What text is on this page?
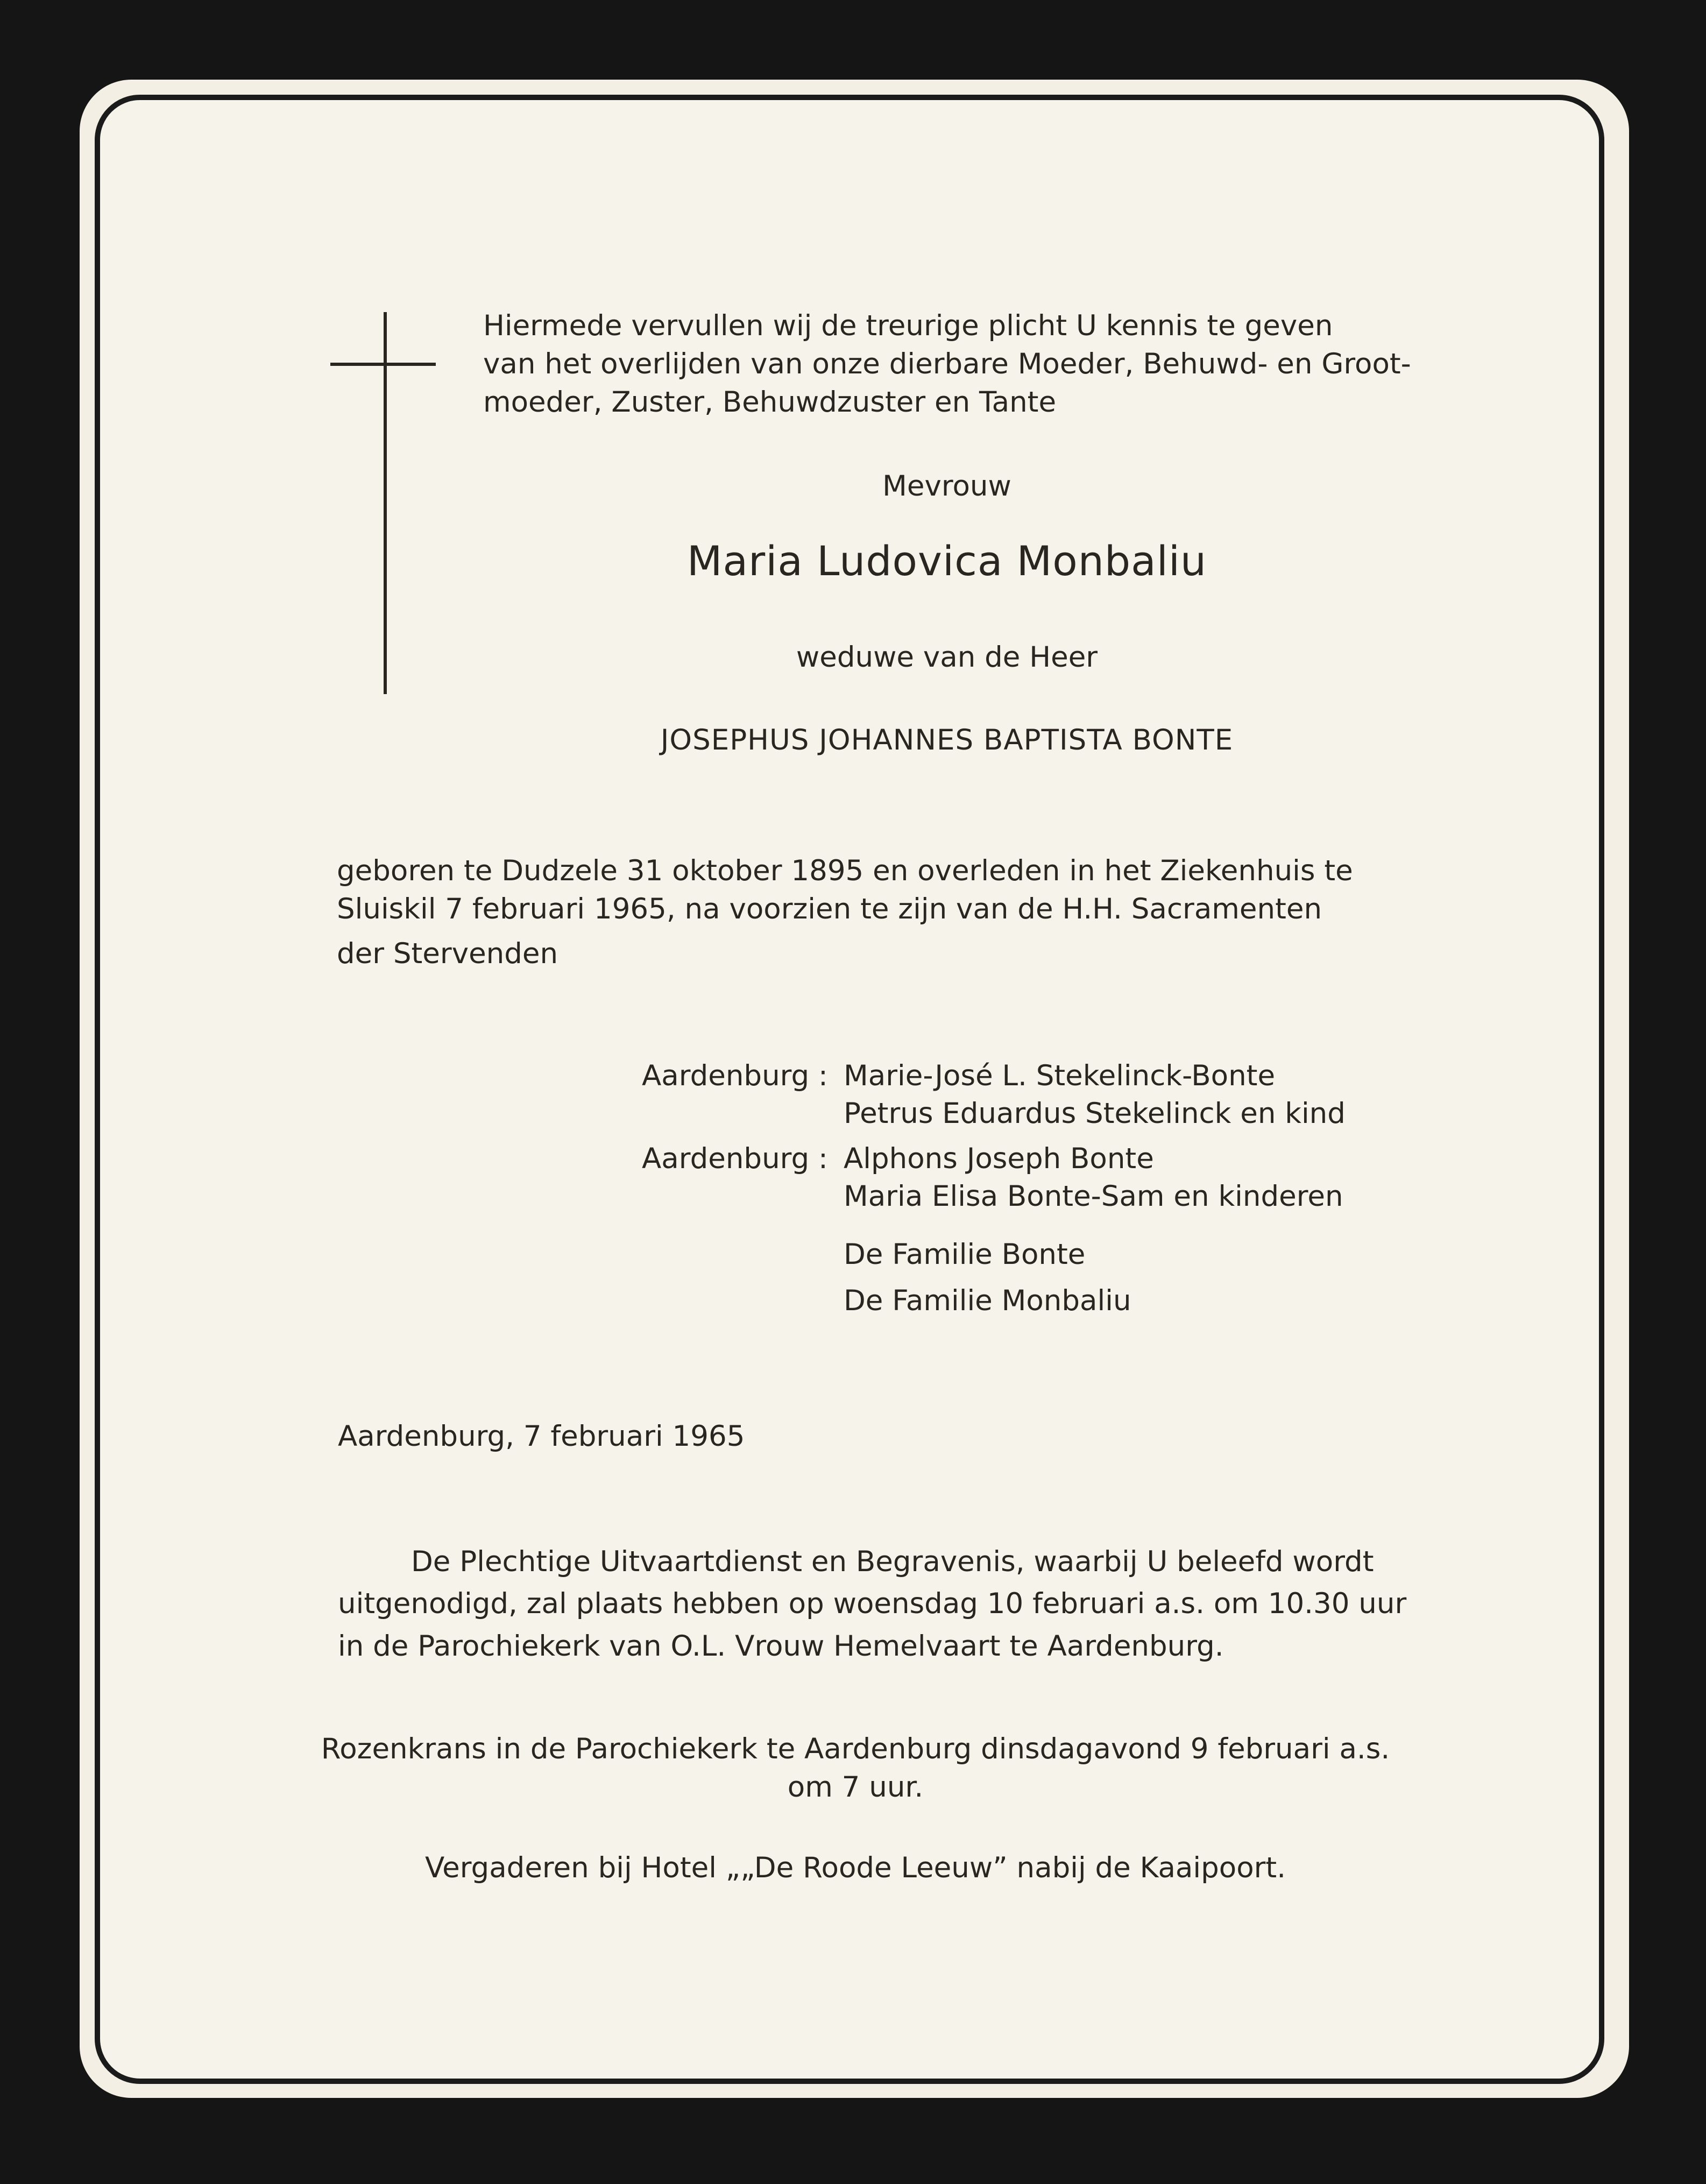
Hiermede vervullen wij de treurige plicht U kennis te geven
van het overlijden van onze dierbare Moeder, Behuwd- en Groot-
moeder, Zuster, Behuwdzuster en Tante
Mevrouw
Maria Ludovica Monbaliu
weduwe van de Heer
JOSEPHUS JOHANNES BAPTISTA BONTE
geboren te Dudzele 31 oktober 1895 en overleden in het Ziekenhuis te
Sluiskil 7 februari 1965, na voorzien te zijn van de H.H. Sacramenten
der Stervenden
Aardenburg : Marie-José L. Stekelinck-Bonte
Petrus Eduardus Stekelinck en kind
Aardenburg : Alphons Joseph Bonte
Maria Elisa Bonte-Sam en kinderen
De Familie Bonte
De Familie Monbaliu
Aardenburg, 7 februari 1965
De Plechtige Uitvaartdienst en Begravenis, waarbij U beleefd wordt
uitgenodigd, zal plaats hebben op woensdag 10 februari a.s. om 10.30 uur
in de Parochiekerk van O.L. Vrouw Hemelvaart te Aardenburg.
Rozenkrans in de Parochiekerk te Aardenburg dinsdagavond 9 februari a.s.
om 7 uur.
Vergaderen bij Hotel „„De Roode Leeuw” nabij de Kaaipoort.
